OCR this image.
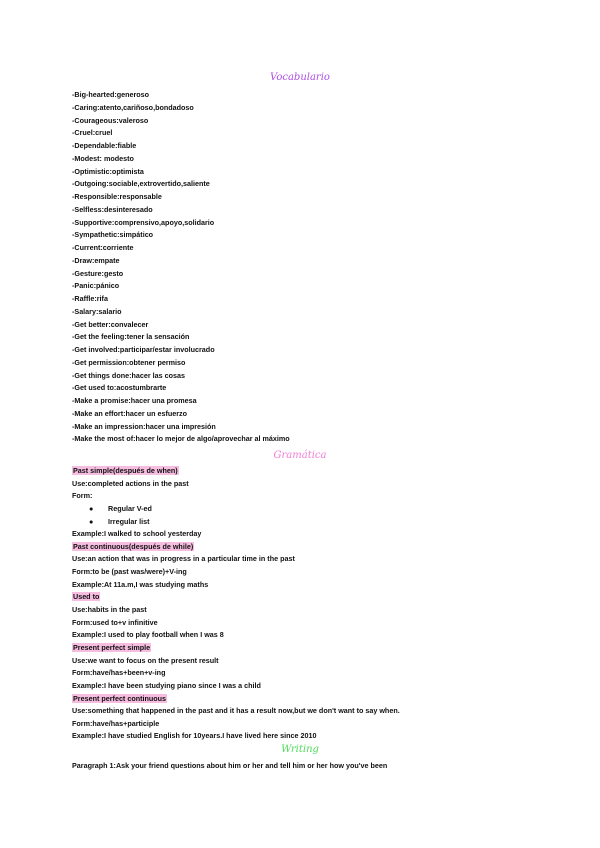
Vocabulario
-Big-hearted:generoso
-Caring:atento,cariñoso,bondadoso
-Courageous:valeroso
-Cruel:cruel
-Dependable:fiable
-Modest: modesto
-Optimistic:optimista
-Outgoing:sociable,extrovertido,saliente
-Responsible:responsable
-Selfless:desinteresado
-Supportive:comprensivo,apoyo,solidario
-Sympathetic:simpático
-Current:corriente
-Draw:empate
-Gesture:gesto
-Panic:pánico
-Raffle:rifa
-Salary:salario
-Get better:convalecer
-Get the feeling:tener la sensación
-Get involved:participar/estar involucrado
-Get permission:obtener permiso
-Get things done:hacer las cosas
-Get used to:acostumbrarte
-Make a promise:hacer una promesa
-Make an effort:hacer un esfuerzo
-Make an impression:hacer una impresión
-Make the most of:hacer lo mejor de algo/aprovechar al máximo
Gramática
Past simple(después de when)
Use:completed actions in the past
Form:
● Regular V-ed
● Irregular list
Example:I walked to school yesterday
Past continuous(después de while)
Use:an action that was in progress in a particular time in the past
Form:to be (past was/were)+V-ing
Example:At 11a.m,I was studying maths
Used to
Use:habits in the past
Form:used to+v infinitive
Example:I used to play football when I was 8
Present perfect simple
Use:we want to focus on the present result
Form:have/has+been+v-ing
Example:I have been studying piano since I was a child
Present perfect continuous
Use:something that happened in the past and it has a result now,but we don't want to say when.
Form:have/has+participle
Example:I have studied English for 10years.I have lived here since 2010
Writing
Paragraph 1:Ask your friend questions about him or her and tell him or her how you've been
